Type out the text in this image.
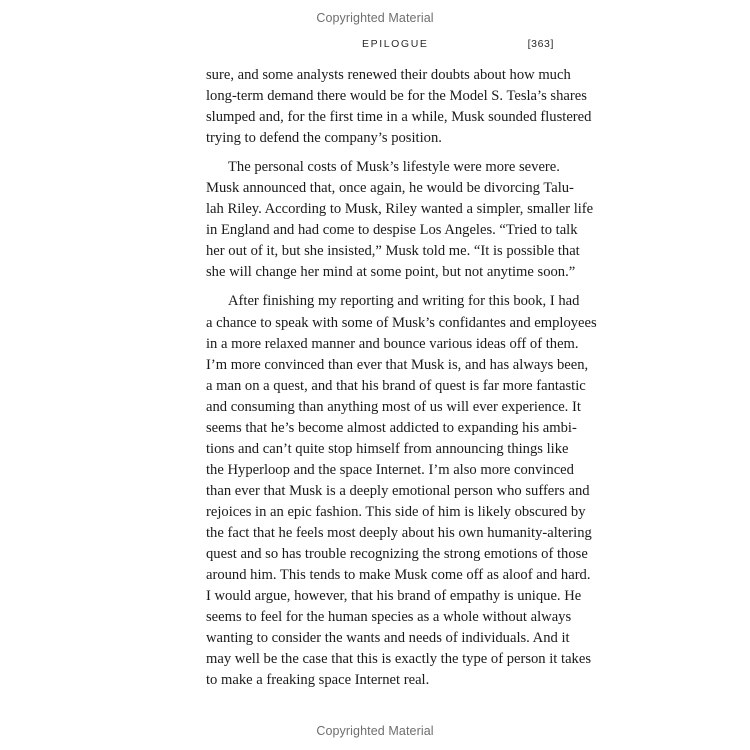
Copyrighted Material
EPILOGUE	[363]
sure, and some analysts renewed their doubts about how much
long-term demand there would be for the Model S. Tesla’s shares
slumped and, for the first time in a while, Musk sounded flustered
trying to defend the company’s position.
The personal costs of Musk’s lifestyle were more severe.
Musk announced that, once again, he would be divorcing Talu-
lah Riley. According to Musk, Riley wanted a simpler, smaller life
in England and had come to despise Los Angeles. “Tried to talk
her out of it, but she insisted,” Musk told me. “It is possible that
she will change her mind at some point, but not anytime soon.”
After finishing my reporting and writing for this book, I had
a chance to speak with some of Musk’s confidantes and employees
in a more relaxed manner and bounce various ideas off of them.
I’m more convinced than ever that Musk is, and has always been,
a man on a quest, and that his brand of quest is far more fantastic
and consuming than anything most of us will ever experience. It
seems that he’s become almost addicted to expanding his ambi-
tions and can’t quite stop himself from announcing things like
the Hyperloop and the space Internet. I’m also more convinced
than ever that Musk is a deeply emotional person who suffers and
rejoices in an epic fashion. This side of him is likely obscured by
the fact that he feels most deeply about his own humanity-altering
quest and so has trouble recognizing the strong emotions of those
around him. This tends to make Musk come off as aloof and hard.
I would argue, however, that his brand of empathy is unique. He
seems to feel for the human species as a whole without always
wanting to consider the wants and needs of individuals. And it
may well be the case that this is exactly the type of person it takes
to make a freaking space Internet real.
Copyrighted Material
